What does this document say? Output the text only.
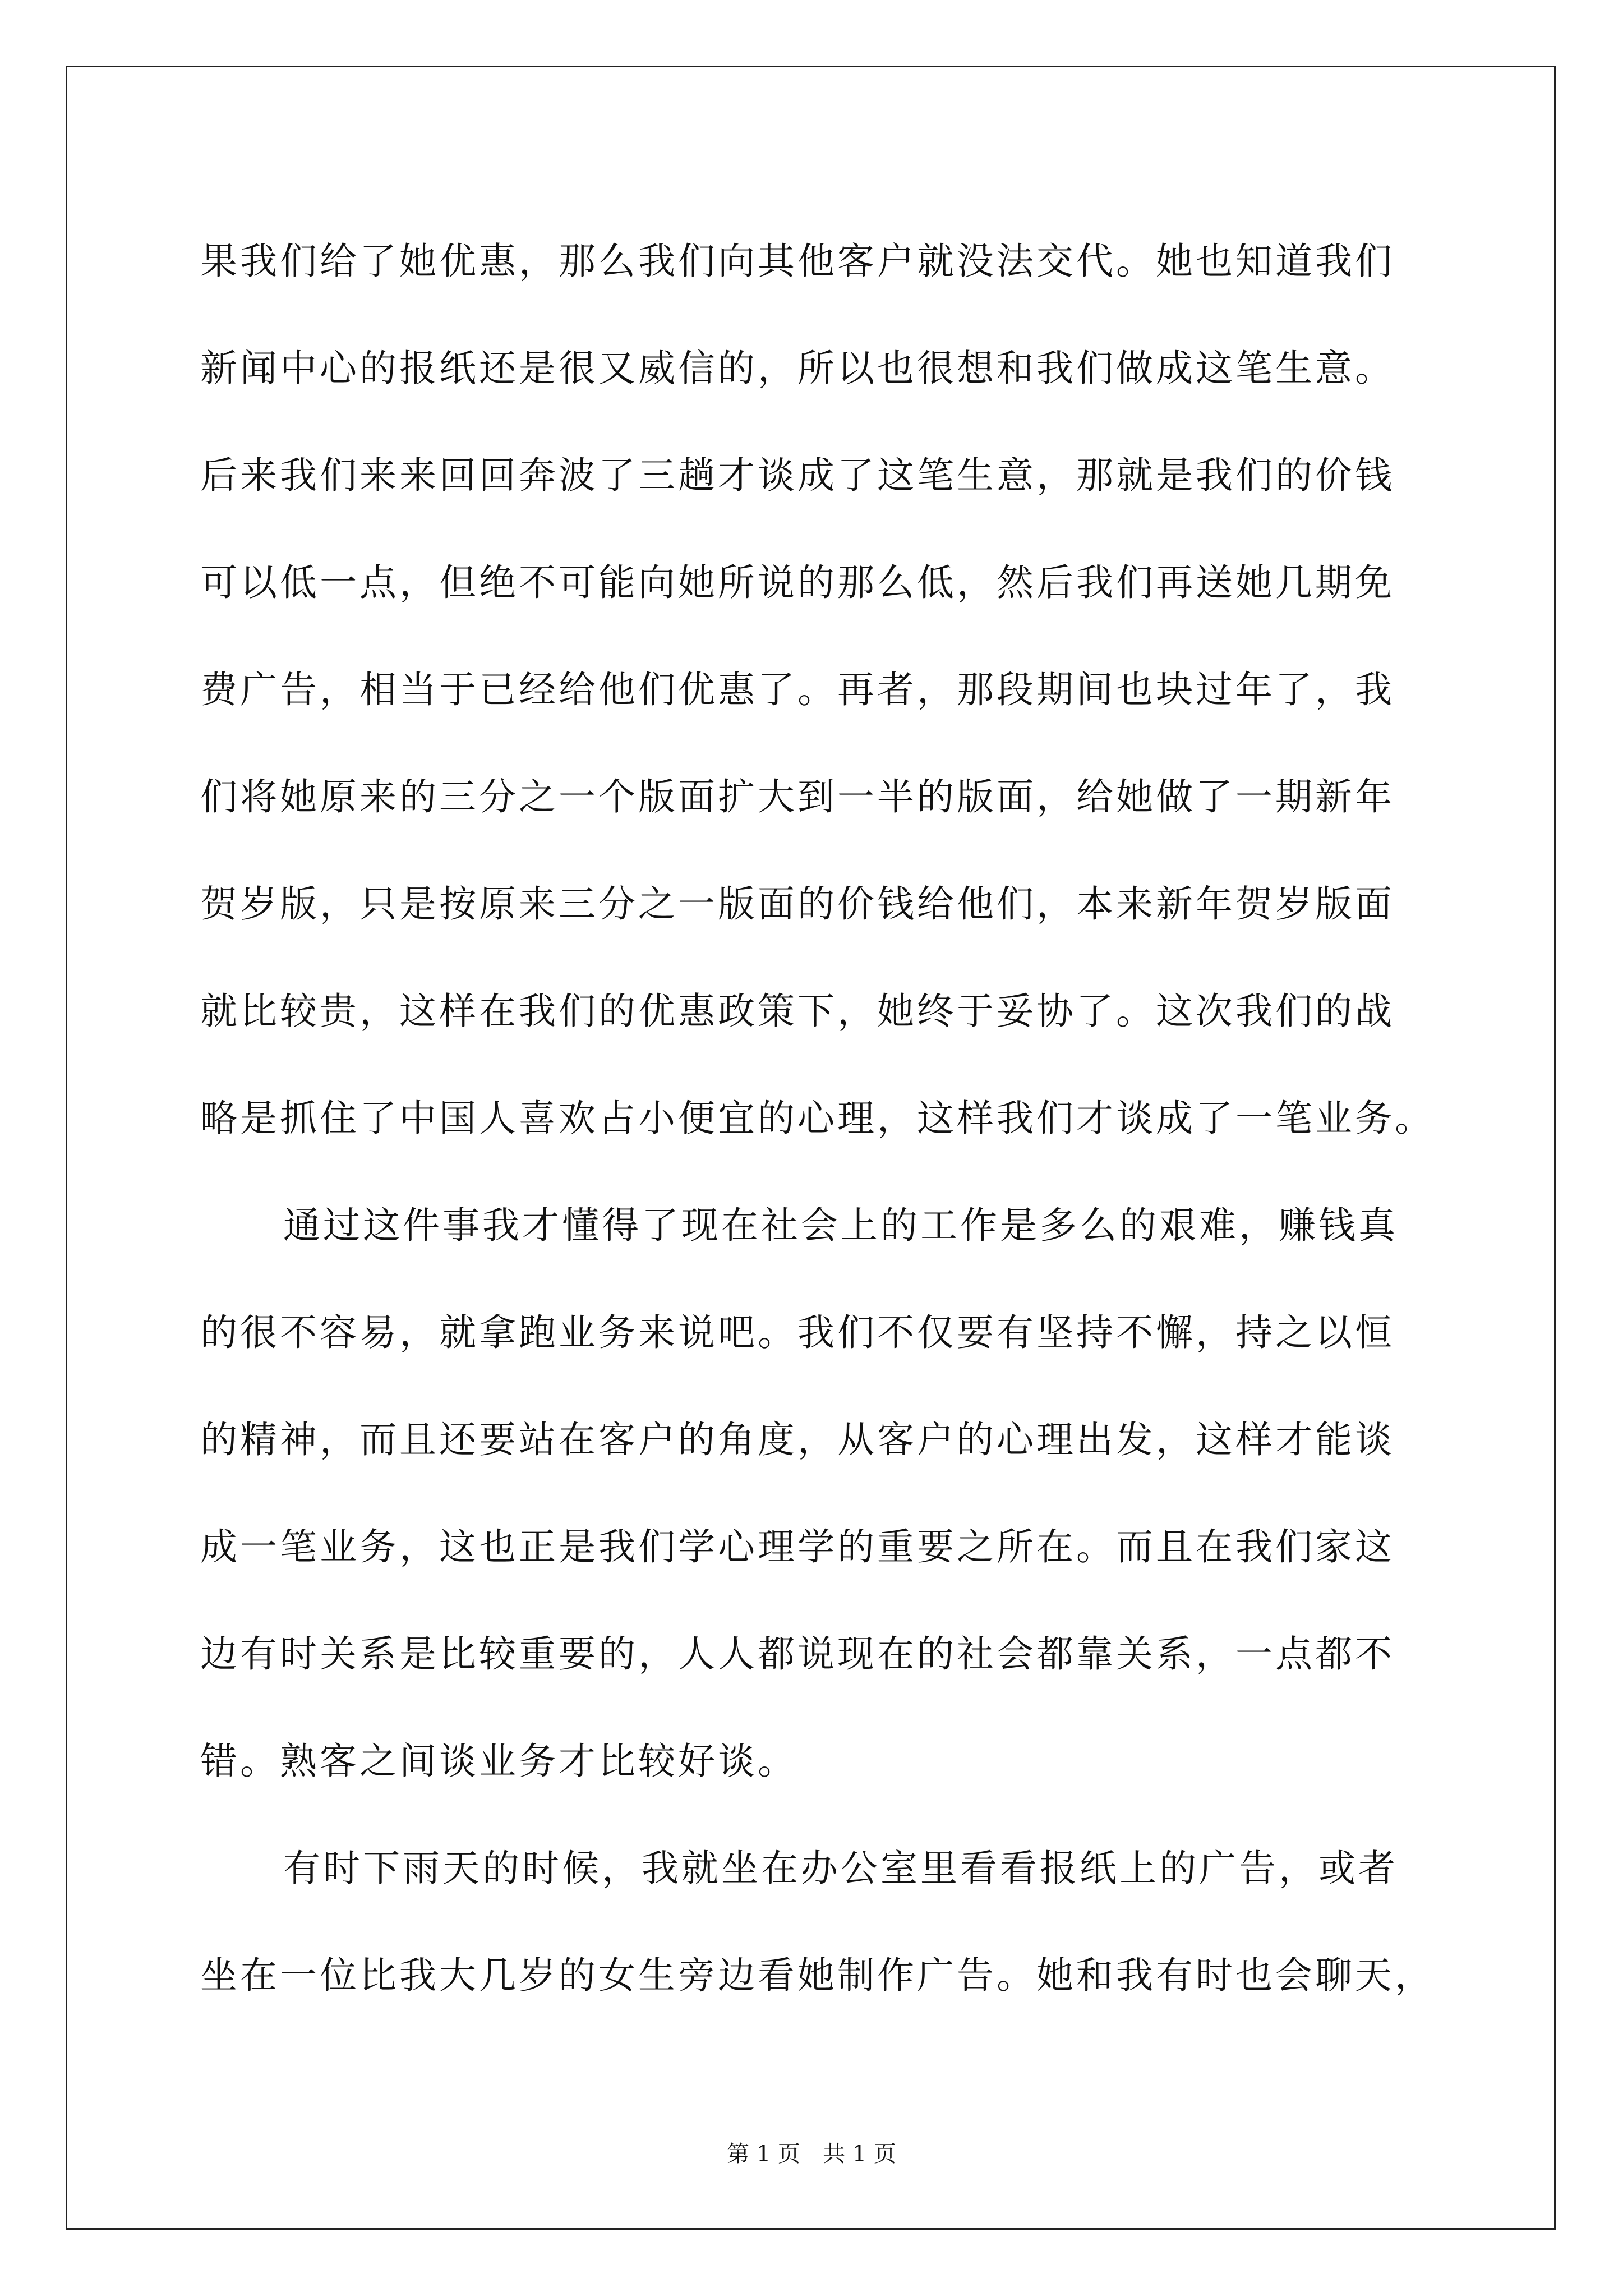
果我们给了她优惠，那么我们向其他客户就没法交代。她也知道我们
新闻中心的报纸还是很又威信的，所以也很想和我们做成这笔生意。
后来我们来来回回奔波了三趟才谈成了这笔生意，那就是我们的价钱
可以低一点，但绝不可能向她所说的那么低，然后我们再送她几期免
费广告，相当于已经给他们优惠了。再者，那段期间也块过年了，我
们将她原来的三分之一个版面扩大到一半的版面，给她做了一期新年
贺岁版，只是按原来三分之一版面的价钱给他们，本来新年贺岁版面
就比较贵，这样在我们的优惠政策下，她终于妥协了。这次我们的战
略是抓住了中国人喜欢占小便宜的心理，这样我们才谈成了一笔业务。
通过这件事我才懂得了现在社会上的工作是多么的艰难，赚钱真
的很不容易，就拿跑业务来说吧。我们不仅要有坚持不懈，持之以恒
的精神，而且还要站在客户的角度，从客户的心理出发，这样才能谈
成一笔业务，这也正是我们学心理学的重要之所在。而且在我们家这
边有时关系是比较重要的，人人都说现在的社会都靠关系，一点都不
错。熟客之间谈业务才比较好谈。
有时下雨天的时候，我就坐在办公室里看看报纸上的广告，或者
坐在一位比我大几岁的女生旁边看她制作广告。她和我有时也会聊天，
第 1 页　共 1 页
